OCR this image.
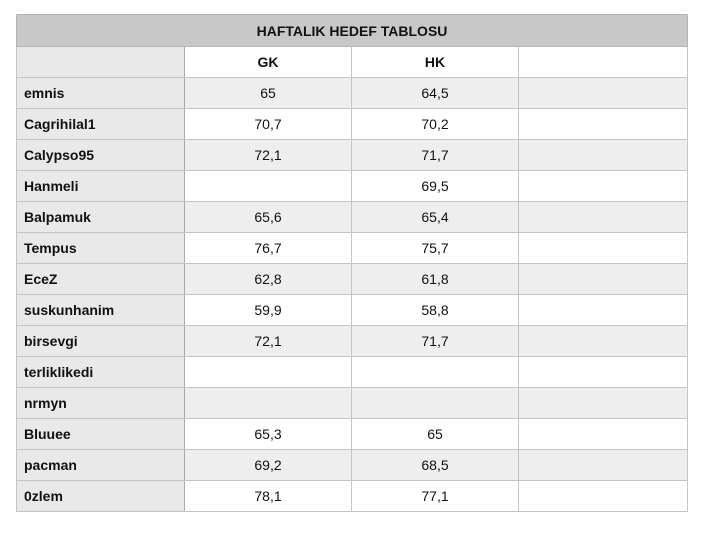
HAFTALIK HEDEF TABLOSU			
	GK	HK	
emnis	65	64,5	
Cagrihilal1	70,7	70,2	
Calypso95	72,1	71,7	
Hanmeli		69,5	
Balpamuk	65,6	65,4	
Tempus	76,7	75,7	
EceZ	62,8	61,8	
suskunhanim	59,9	58,8	
birsevgi	72,1	71,7	
terliklikedi			
nrmyn			
Bluuee	65,3	65	
pacman	69,2	68,5	
0zlem	78,1	77,1	
